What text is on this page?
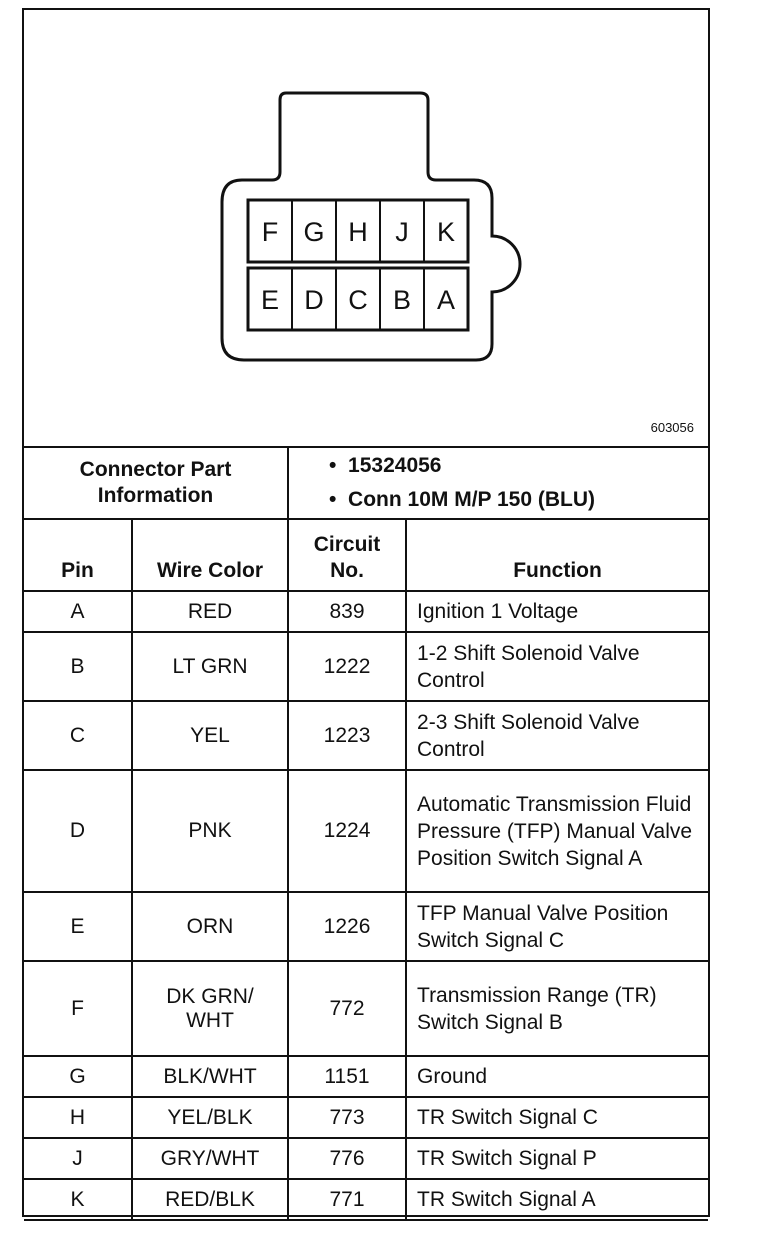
F G H J K
E D C B A
603056
Connector Part Information		•  15324056
•  Conn 10M M/P 150 (BLU)	

Pin	Wire Color	Circuit No.	Function
A	RED	839	Ignition 1 Voltage
B	LT GRN	1222	1-2 Shift Solenoid Valve Control
C	YEL	1223	2-3 Shift Solenoid Valve Control
D	PNK	1224	Automatic Transmission Fluid Pressure (TFP) Manual Valve Position Switch Signal A
E	ORN	1226	TFP Manual Valve Position Switch Signal C
F	DK GRN/ WHT	772	Transmission Range (TR) Switch Signal B
G	BLK/WHT	1151	Ground
H	YEL/BLK	773	TR Switch Signal C
J	GRY/WHT	776	TR Switch Signal P
K	RED/BLK	771	TR Switch Signal A
